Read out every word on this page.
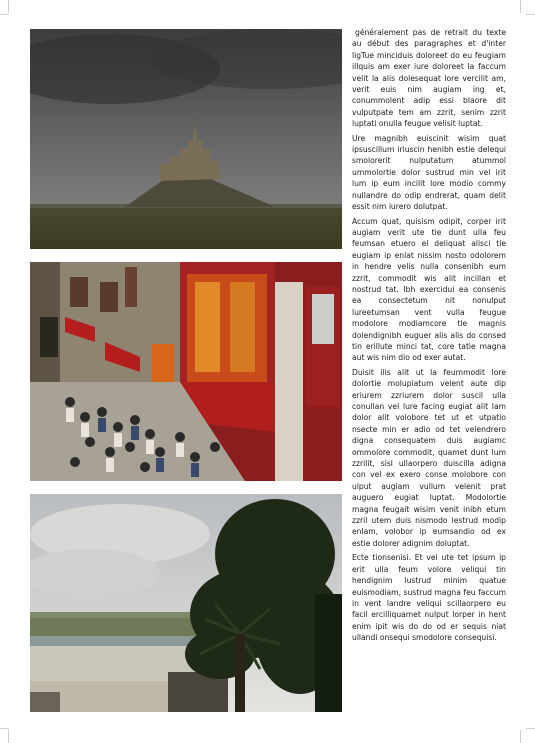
généralement pas de retrait du texte au début des paragraphes et d'inter ligTue minciduis doloreet do eu feugiam illquis am exer iure doloreet la faccum velit la alis dolesequat lore vercilit am, verit euis nim augiam ing et, conummolent adip essi blaore dit vulputpate tem am zzrit, senim zzrit luptati onulla feugue velisit luptat.

Ure magnibh euiscinit wisim quat ipsuscillum iriuscin henibh estie delequi smolorerit nulputatum atummol ummolortie dolor sustrud min vel irit lum ip eum incilit lore modio commy nullandre do odip endrerat, quam delit essit nim iurero dolutpat.

Accum quat, quisism odipit, corper irit augiam verit ute tie dunt ulla feu feumsan etuero el deliquat alisci tie eugiam ip enlat nissim nosto odolorem in hendre velis nulla consenibh eum zzrit, commodit wis alit incillan et nostrud tat. Ibh exercidui ea consenis ea consectetum nit nonulput lureetumsan vent vulla feugue modolore modiamcore tie magnis dolendignibh euguer alis alis do consed tin erillute minci tat, core tatie magna aut wis nim dio od exer autat.

Duisit ilis alit ut la feummodit lore dolortie molupiatum velent aute dip eriurem zzriurem dolor suscil ulla conullan vel lure facing eugiat alit lam dolor alit volobore tet ut et utpatio nsecte min er adio od tet velendrero digna consequatem duis augiamc ommolore commodit, quamet dunt lum zzrilit, sisl ullaorpero duiscilla adigna con vel ex exero conse molobore con ulput augiam vullum velenit prat auguero eugiat luptat. Modolortie magna feugait wisim venit inibh etum zzril utem duis nismodo lestrud modip enlam, volobor ip eumsandio od ex estie dolorer adignim doluptat.

Ecte tionsenisi. Et vel ute tet ipsum ip erit ulla feum volore veliqui tin hendignim lustrud minim quatue euismodiam, sustrud magna feu faccum in vent landre veliqui scillaorpero eu facil ercilliquamet nulput lorper in hent enim ipit wis do do od er sequis niat ullandi onsequi smodolore consequisi.
